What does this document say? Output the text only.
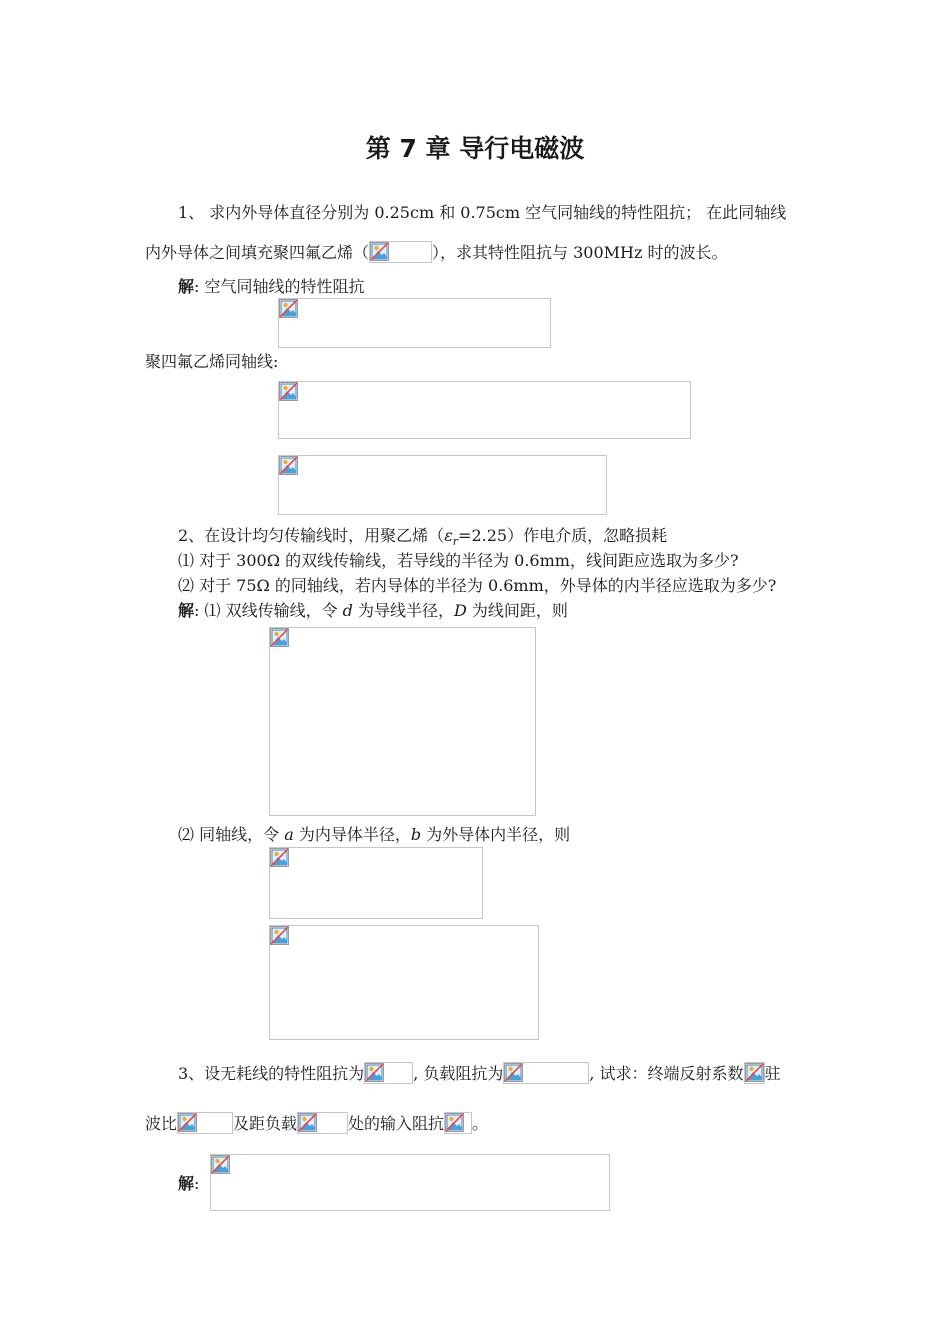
第 7 章 导行电磁波
1、 求内外导体直径分别为 0.25cm 和 0.75cm 空气同轴线的特性阻抗； 在此同轴线
内外导体之间填充聚四氟乙烯（	），求其特性阻抗与 300MHz 时的波长。
解: 空气同轴线的特性阻抗
聚四氟乙烯同轴线:
2、在设计均匀传输线时，用聚乙烯$(\varepsilon_r=2.25)$作电介质，忽略损耗
⑴ 对于 300Ω 的双线传输线，若导线的半径为 0.6mm，线间距应选取为多少?
⑵ 对于 75Ω 的同轴线，若内导体的半径为 0.6mm，外导体的内半径应选取为多少?
解: ⑴ 双线传输线，令 d 为导线半径，D 为线间距，则
⑵ 同轴线，令 a 为内导体半径，b 为外导体内半径，则
3、设无耗线的特性阻抗为	, 负载阻抗为	, 试求：终端反射系数 驻
波比	及距负载	处的输入阻抗 。
解:
